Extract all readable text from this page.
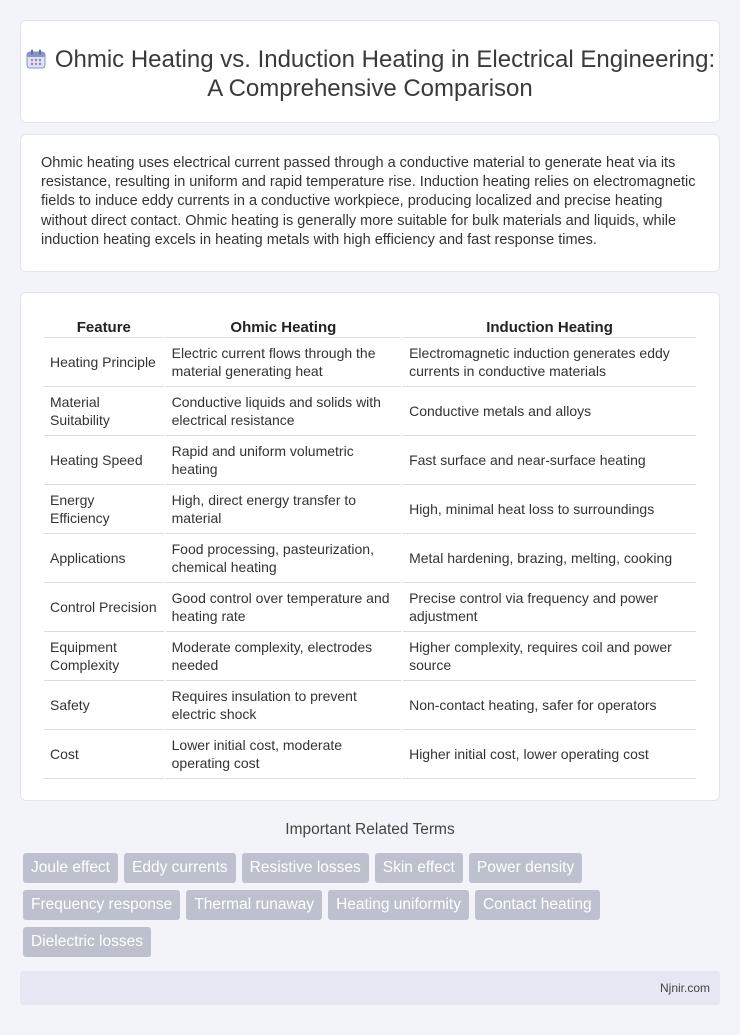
Ohmic Heating vs. Induction Heating in Electrical Engineering: A Comprehensive Comparison

Ohmic heating uses electrical current passed through a conductive material to generate heat via its resistance, resulting in uniform and rapid temperature rise. Induction heating relies on electromagnetic fields to induce eddy currents in a conductive workpiece, producing localized and precise heating without direct contact. Ohmic heating is generally more suitable for bulk materials and liquids, while induction heating excels in heating metals with high efficiency and fast response times.

Feature	Ohmic Heating	Induction Heating
Heating Principle	Electric current flows through the material generating heat	Electromagnetic induction generates eddy currents in conductive materials
Material Suitability	Conductive liquids and solids with electrical resistance	Conductive metals and alloys
Heating Speed	Rapid and uniform volumetric heating	Fast surface and near-surface heating
Energy Efficiency	High, direct energy transfer to material	High, minimal heat loss to surroundings
Applications	Food processing, pasteurization, chemical heating	Metal hardening, brazing, melting, cooking
Control Precision	Good control over temperature and heating rate	Precise control via frequency and power adjustment
Equipment Complexity	Moderate complexity, electrodes needed	Higher complexity, requires coil and power source
Safety	Requires insulation to prevent electric shock	Non-contact heating, safer for operators
Cost	Lower initial cost, moderate operating cost	Higher initial cost, lower operating cost
Important Related Terms
Joule effect	Eddy currents	Resistive losses	Skin effect	Power density
Frequency response	Thermal runaway	Heating uniformity	Contact heating
Dielectric losses
Njnir.com
